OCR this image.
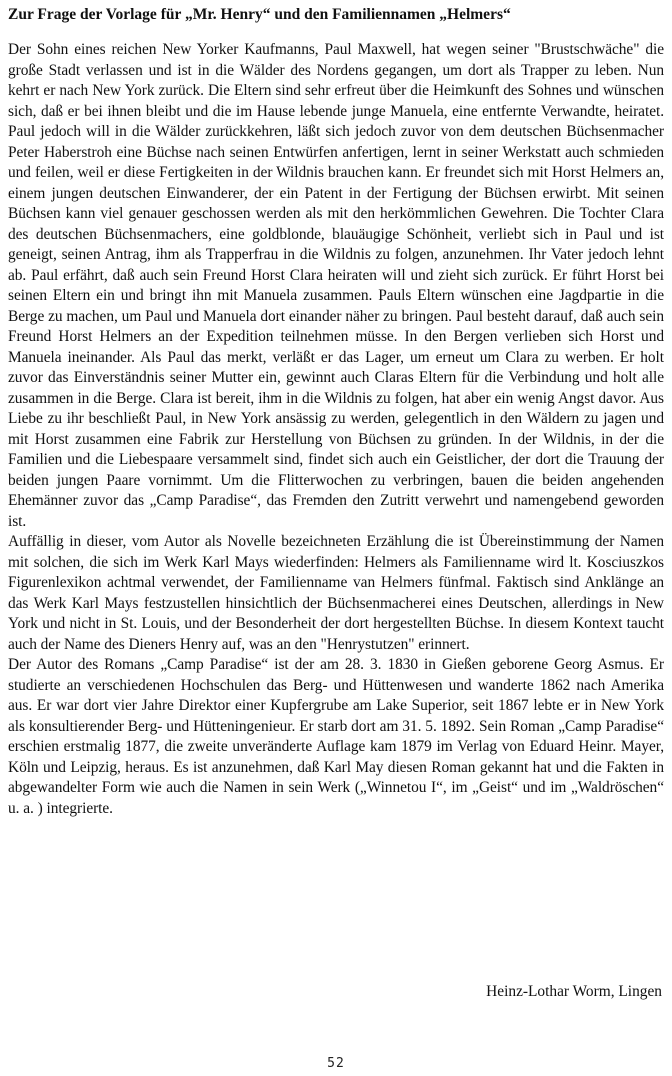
Zur Frage der Vorlage für „Mr. Henry“ und den Familiennamen „Helmers“

Der Sohn eines reichen New Yorker Kaufmanns, Paul Maxwell, hat wegen seiner "Brustschwäche" die große Stadt verlassen und ist in die Wälder des Nordens gegangen, um dort als Trapper zu leben. Nun kehrt er nach New York zurück. Die Eltern sind sehr erfreut über die Heimkunft des Sohnes und wünschen sich, daß er bei ihnen bleibt und die im Hause lebende junge Manuela, eine entfernte Verwandte, heiratet. Paul jedoch will in die Wälder zurückkehren, läßt sich jedoch zuvor von dem deutschen Büchsenmacher Peter Haberstroh eine Büchse nach seinen Entwürfen anfertigen, lernt in seiner Werkstatt auch schmieden und feilen, weil er diese Fertigkeiten in der Wildnis brauchen kann. Er freundet sich mit Horst Helmers an, einem jungen deutschen Einwanderer, der ein Patent in der Fertigung der Büchsen erwirbt. Mit seinen Büchsen kann viel genauer geschossen werden als mit den herkömmlichen Gewehren. Die Tochter Clara des deutschen Büchsenmachers, eine goldblonde, blauäugige Schönheit, verliebt sich in Paul und ist geneigt, seinen Antrag, ihm als Trapperfrau in die Wildnis zu folgen, anzunehmen. Ihr Vater jedoch lehnt ab. Paul erfährt, daß auch sein Freund Horst Clara heiraten will und zieht sich zurück. Er führt Horst bei seinen Eltern ein und bringt ihn mit Manuela zusammen. Pauls Eltern wünschen eine Jagdpartie in die Berge zu machen, um Paul und Manuela dort einander näher zu bringen. Paul besteht darauf, daß auch sein Freund Horst Helmers an der Expedition teilnehmen müsse. In den Bergen verlieben sich Horst und Manuela ineinander. Als Paul das merkt, verläßt er das Lager, um erneut um Clara zu werben. Er holt zuvor das Einverständnis seiner Mutter ein, gewinnt auch Claras Eltern für die Verbindung und holt alle zusammen in die Berge. Clara ist bereit, ihm in die Wildnis zu folgen, hat aber ein wenig Angst davor. Aus Liebe zu ihr beschließt Paul, in New York ansässig zu werden, gelegentlich in den Wäldern zu jagen und mit Horst zusammen eine Fabrik zur Herstellung von Büchsen zu gründen. In der Wildnis, in der die Familien und die Liebespaare versammelt sind, findet sich auch ein Geistlicher, der dort die Trauung der beiden jungen Paare vornimmt. Um die Flitterwochen zu verbringen, bauen die beiden angehenden Ehemänner zuvor das „Camp Paradise“, das Fremden den Zutritt verwehrt und namengebend geworden ist.

Auffällig in dieser, vom Autor als Novelle bezeichneten Erzählung die ist Übereinstimmung der Namen mit solchen, die sich im Werk Karl Mays wiederfinden: Helmers als Familienname wird lt. Kosciuszkos Figurenlexikon achtmal verwendet, der Familienname van Helmers fünfmal. Faktisch sind Anklänge an das Werk Karl Mays festzustellen hinsichtlich der Büchsenmacherei eines Deutschen, allerdings in New York und nicht in St. Louis, und der Besonderheit der dort hergestellten Büchse. In diesem Kontext taucht auch der Name des Dieners Henry auf, was an den "Henrystutzen" erinnert.

Der Autor des Romans „Camp Paradise“ ist der am 28. 3. 1830 in Gießen geborene Georg Asmus. Er studierte an verschiedenen Hochschulen das Berg- und Hüttenwesen und wanderte 1862 nach Amerika aus. Er war dort vier Jahre Direktor einer Kupfergrube am Lake Superior, seit 1867 lebte er in New York als konsultierender Berg- und Hütteningenieur. Er starb dort am 31. 5. 1892. Sein Roman „Camp Paradise“ erschien erstmalig 1877, die zweite unveränderte Auflage kam 1879 im Verlag von Eduard Heinr. Mayer, Köln und Leipzig, heraus. Es ist anzunehmen, daß Karl May diesen Roman gekannt hat und die Fakten in abgewandelter Form wie auch die Namen in sein Werk („Winnetou I“, im „Geist“ und im „Waldröschen“ u. a. ) integrierte.

Heinz-Lothar Worm, Lingen
52
